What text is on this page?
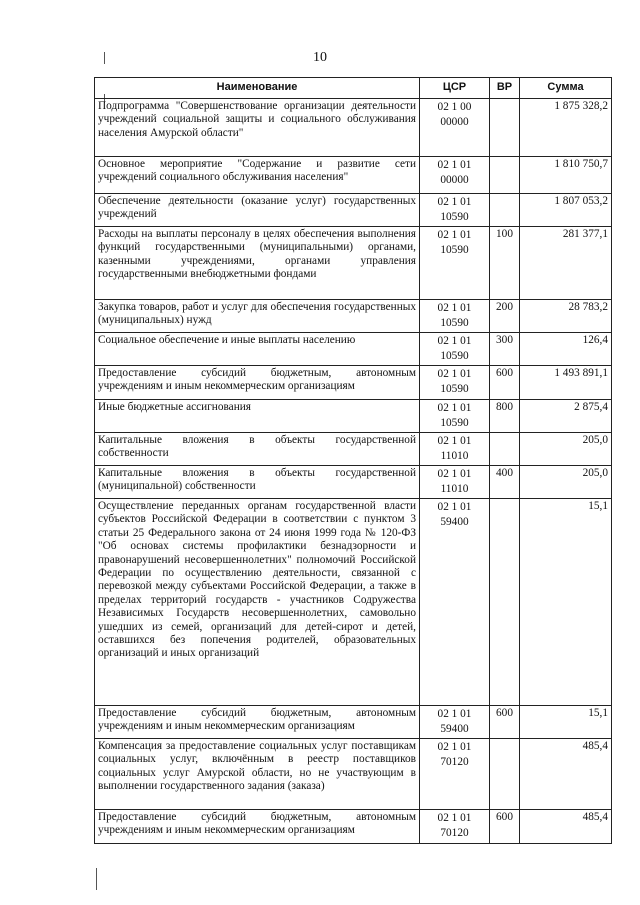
10
Наименование	ЦСР	ВР	Сумма
Подпрограмма "Совершенствование организации деятельности учреждений социальной защиты и социального обслуживания населения Амурской области"	02 1 00 00000		1 875 328,2
Основное мероприятие "Содержание и развитие сети учреждений социального обслуживания населения"	02 1 01 00000		1 810 750,7
Обеспечение деятельности (оказание услуг) государственных учреждений	02 1 01 10590		1 807 053,2
Расходы на выплаты персоналу в целях обеспечения выполнения функций государственными (муниципальными) органами, казенными учреждениями, органами управления государственными внебюджетными фондами	02 1 01 10590	100	281 377,1
Закупка товаров, работ и услуг для обеспечения государственных (муниципальных) нужд	02 1 01 10590	200	28 783,2
Социальное обеспечение и иные выплаты населению	02 1 01 10590	300	126,4
Предоставление субсидий бюджетным, автономным учреждениям и иным некоммерческим организациям	02 1 01 10590	600	1 493 891,1
Иные бюджетные ассигнования	02 1 01 10590	800	2 875,4
Капитальные вложения в объекты государственной собственности	02 1 01 11010		205,0
Капитальные вложения в объекты государственной (муниципальной) собственности	02 1 01 11010	400	205,0
Осуществление переданных органам государственной власти субъектов Российской Федерации в соответствии с пунктом 3 статьи 25 Федерального закона от 24 июня 1999 года № 120-ФЗ "Об основах системы профилактики безнадзорности и правонарушений несовершеннолетних" полномочий Российской Федерации по осуществлению деятельности, связанной с перевозкой между субъектами Российской Федерации, а также в пределах территорий государств - участников Содружества Независимых Государств несовершеннолетних, самовольно ушедших из семей, организаций для детей-сирот и детей, оставшихся без попечения родителей, образовательных организаций и иных организаций	02 1 01 59400		15,1
Предоставление субсидий бюджетным, автономным учреждениям и иным некоммерческим организациям	02 1 01 59400	600	15,1
Компенсация за предоставление социальных услуг поставщикам социальных услуг, включённым в реестр поставщиков социальных услуг Амурской области, но не участвующим в выполнении государственного задания (заказа)	02 1 01 70120		485,4
Предоставление субсидий бюджетным, автономным учреждениям и иным некоммерческим организациям	02 1 01 70120	600	485,4
